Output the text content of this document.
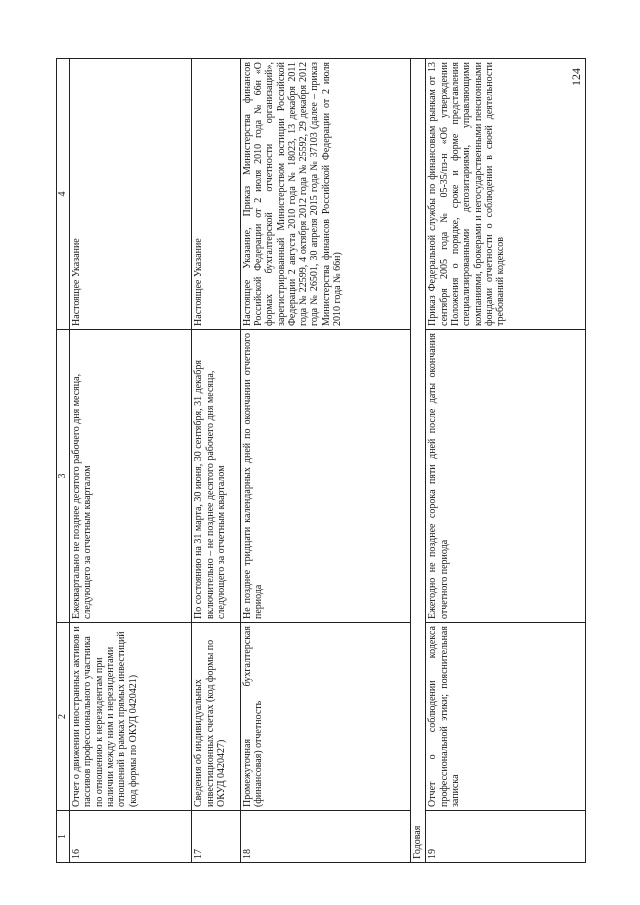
124
1	2	3	4
16	Отчет о движении иностранных активов и пассивов профессионального участника по отношению к нерезидентам при наличии между ним и нерезидентами отношений в рамках прямых инвестиций (код формы по ОКУД 0420421)	Ежеквартально не позднее десятого рабочего дня месяца, следующего за отчетным кварталом	Настоящее Указание
17	Сведения об индивидуальных инвестиционных счетах (код формы по ОКУД 0420427)	По состоянию на 31 марта, 30 июня, 30 сентября, 31 декабря включительно – не позднее десятого рабочего дня месяца, следующего за отчетным кварталом	Настоящее Указание
18	Промежуточная бухгалтерская (финансовая) отчетность	Не позднее тридцати календарных дней по окончании отчетного периода	Настоящее Указание, Приказ Министерства финансов Российской Федерации от 2 июля 2010 года № 66н «О формах бухгалтерской отчетности организаций», зарегистрированный Министерством юстиции Российской Федерации 2 августа 2010 года № 18023, 13 декабря 2011 года № 22599, 4 октября 2012 года № 25592, 29 декабря 2012 года № 26501, 30 апреля 2015 года № 37103 (далее – приказ Министерства финансов Российской Федерации от 2 июля 2010 года № 66н)
Годовая			
19	Отчет о соблюдении кодекса профессиональной этики; пояснительная записка	Ежегодно не позднее сорока пяти дней после даты окончания отчетного периода	Приказ Федеральной службы по финансовым рынкам от 13 сентября 2005 года № 05-35/пз-н «Об утверждении Положения о порядке, сроке и форме представления специализированными депозитариями, управляющими компаниями, брокерами и негосударственными пенсионными фондами отчетности о соблюдении в своей деятельности требований кодексов
